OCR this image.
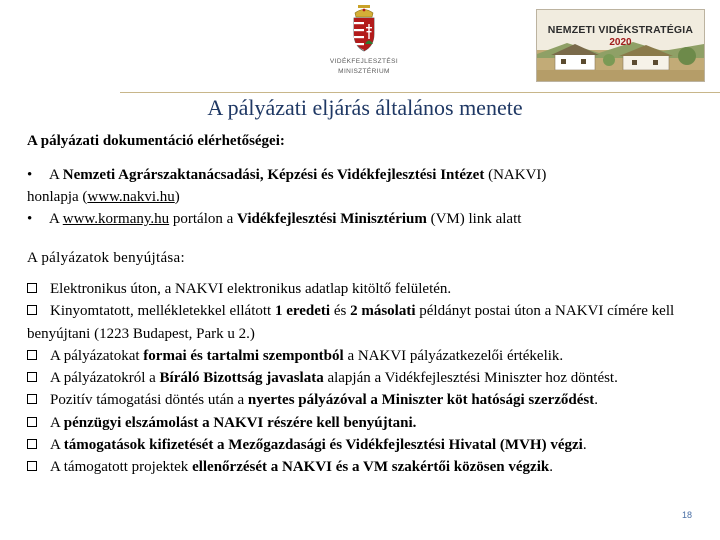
VIDÉKFEJLESZTÉSI
MINISZTÉRIUM
NEMZETI VIDÉKSTRATÉGIA
2020
A pályázati eljárás általános menete
A pályázati dokumentáció elérhetőségei:
• A Nemzeti Agrárszaktanácsadási, Képzési és Vidékfejlesztési Intézet (NAKVI)
honlapja (www.nakvi.hu)
• A www.kormany.hu portálon a Vidékfejlesztési Minisztérium (VM) link alatt
A pályázatok benyújtása:
Elektronikus úton, a NAKVI elektronikus adatlap kitöltő felületén.
Kinyomtatott, mellékletekkel ellátott 1 eredeti és 2 másolati példányt postai úton a NAKVI címére kell benyújtani (1223 Budapest, Park u 2.)
A pályázatokat formai és tartalmi szempontból a NAKVI pályázatkezelői értékelik.
A pályázatokról a Bíráló Bizottság javaslata alapján a Vidékfejlesztési Miniszter hoz döntést.
Pozitív támogatási döntés után a nyertes pályázóval a Miniszter köt hatósági szerződést.
A pénzügyi elszámolást a NAKVI részére kell benyújtani.
A támogatások kifizetését a Mezőgazdasági és Vidékfejlesztési Hivatal (MVH) végzi.
A támogatott projektek ellenőrzését a NAKVI és a VM szakértői közösen végzik.
18
